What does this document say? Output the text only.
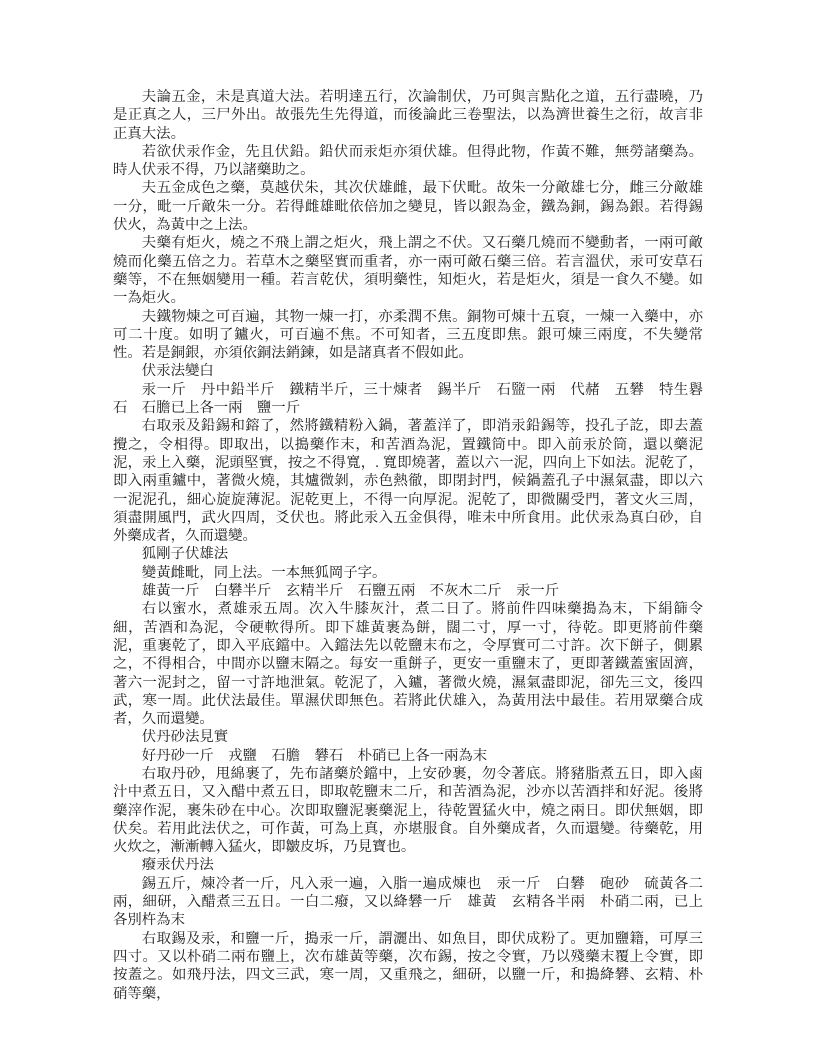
夫論五金，未是真道大法。若明達五行，次論制伏，乃可與言點化之道，五行盡曉，乃是正真之人，三尸外出。故張先生先得道，而後論此三卷聖法，以為濟世養生之衍，故言非正真大法。

若欲伏汞作金，先且伏鉛。鉛伏而汞炬亦須伏雄。但得此物，作黃不難，無勞諸藥為。時人伏汞不得，乃以諸藥助之。

夫五金成色之藥，莫越伏朱，其次伏雄雌，最下伏毗。故朱一分敵雄七分，雌三分敵雄一分，毗一斤敵朱一分。若得雌雄毗依倍加之變見，皆以銀為金，鐵為銅，錫為銀。若得錫伏火，為黃中之上法。

夫藥有炬火，燒之不飛上謂之炬火，飛上謂之不伏。又石藥几燒而不變動者，一兩可敵燒而化藥五倍之力。若草木之藥堅實而重者，亦一兩可敵石藥三倍。若言溫伏，汞可安草石藥等，不在無姻變用一種。若言乾伏，須明藥性，知炬火，若是炬火，須是一食久不變。如一為炬火。

夫鐵物煉之可百遍，其物一煉一打，亦柔潤不焦。銅物可煉十五裒，一煉一入藥中，亦可二十度。如明了鑪火，可百遍不焦。不可知者，三五度即焦。銀可煉三兩度，不失變常性。若是銅銀，亦須依銅法銷鍊，如是諸真者不假如此。

伏汞法變白

汞一斤　丹中鉛半斤　鐵精半斤，三十煉者　錫半斤　石盬一兩　代赭　五礬　特生礜石　石膽已上各一兩　鹽一斤

右取汞及鉛錫和鎔了，然將鐵精粉入鍋，著蓋洋了，即消汞鉛錫等，投孔子訖，即去蓋攪之，令相得。即取出，以搗藥作末，和苦酒為泥，置鐵筒中。即入前汞於筒，還以藥泥泥，汞上入藥，泥頭堅實，按之不得寬，. 寬即燒著，蓋以六一泥，四向上下如法。泥乾了，即入兩重鑪中，著微火燒，其爐微剝，赤色熱徹，即閉封門，候鍋蓋孔子中濕氣盡，即以六一泥泥孔，細心旋旋薄泥。泥乾更上，不得一向厚泥。泥乾了，即微關受門，著文火三周，須盡開風門，武火四周，爻伏也。將此汞入五金俱得，唯未中所食用。此伏汞為真白砂，自外藥成者，久而還變。

狐剛子伏雄法

變黃雌毗，同上法。一本無狐岡子字。

雄黃一斤　白礬半斤　玄精半斤　石鹽五兩　不灰木二斤　汞一斤

右以蜜水，煮雄汞五周。次入牛膝灰汁，煮二日了。將前件四味藥搗為末，下絹篩令細，苦酒和為泥，令硬軟得所。即下雄黃裹為餅，闊二寸，厚一寸，待乾。即更將前件藥泥，重裹乾了，即入平底鐺中。入鐺法先以乾鹽末布之，令厚實可二寸許。次下餅子，側累之，不得相合，中間亦以鹽末隔之。每安一重餅子，更安一重鹽末了，更即著鐵蓋蜜固濟，著六一泥封之，留一寸許地泄氣。乾泥了，入鑪，著微火燒，濕氣盡即泥，卻先三文，後四武，寒一周。此伏法最佳。單濕伏即無色。若將此伏雄入，為黃用法中最佳。若用眾藥合成者，久而還變。

伏丹砂法見實

好丹砂一斤　戎鹽　石膽　礬石　朴硝已上各一兩為末

右取丹砂，甩綿裹了，先布諸藥於鐺中，上安砂裹，勿令著底。將豬脂煮五日，即入鹵汁中煮五日，又入醋中煮五日，即取乾鹽末二斤，和苦酒為泥，沙亦以苦酒拌和好泥。後將藥滓作泥，裹朱砂在中心。次即取鹽泥裹藥泥上，待乾置猛火中，燒之兩日。即伏無姻，即伏矣。若用此法伏之，可作黃，可為上真，亦堪服食。自外藥成者，久而還變。待藥乾，用火炊之，漸漸轉入猛火，即皺皮坼，乃見寶也。

癈汞伏丹法

錫五斤，煉冷者一斤，凡入汞一遍，入脂一遍成煉也　汞一斤　白礬　砲砂　硫黃各二兩，細研，入醋煮三五日。一白二癈，又以絳礬一斤　雄黃　玄精各半兩　朴硝二兩，已上各別杵為末

右取錫及汞，和鹽一斤，搗汞一斤，謂灑出、如魚目，即伏成粉了。更加鹽籍，可厚三四寸。又以朴硝二兩布鹽上，次布雄黃等藥，次布錫，按之令實，乃以殘藥末覆上令實，即按蓋之。如飛丹法，四文三武，寒一周，又重飛之，細研，以鹽一斤，和搗絳礬、玄精、朴硝等藥，
